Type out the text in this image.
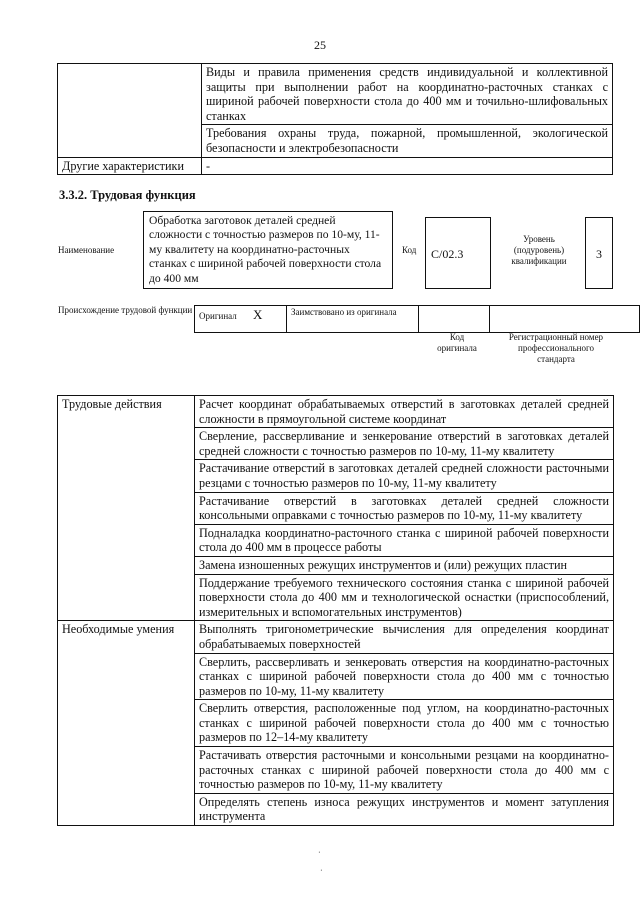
25
	Виды и правила применения средств индивидуальной и коллективной защиты при выполнении работ на координатно-расточных станках с шириной рабочей поверхности стола до 400 мм и точильно-шлифовальных станках
	Требования охраны труда, пожарной, промышленной, экологической безопасности и электробезопасности
Другие характеристики	-
3.3.2. Трудовая функция
Наименование
Обработка заготовок деталей средней сложности с точностью размеров по 10-му, 11-му квалитету на координатно-расточных станках с шириной рабочей поверхности стола до 400 мм
Код С/02.3
Уровень (подуровень) квалификации	3
Происхождение трудовой функции
Оригинал X	Заимствовано из оригинала		
Код оригинала
Регистрационный номер профессионального стандарта
Трудовые действия	Расчет координат обрабатываемых отверстий в заготовках деталей средней сложности в прямоугольной системе координат
	Сверление, рассверливание и зенкерование отверстий в заготовках деталей средней сложности с точностью размеров по 10-му, 11-му квалитету
	Растачивание отверстий в заготовках деталей средней сложности расточными резцами с точностью размеров по 10-му, 11-му квалитету
	Растачивание отверстий в заготовках деталей средней сложности консольными оправками с точностью размеров по 10-му, 11-му квалитету
	Подналадка координатно-расточного станка с шириной рабочей поверхности стола до 400 мм в процессе работы
	Замена изношенных режущих инструментов и (или) режущих пластин
	Поддержание требуемого технического состояния станка с шириной рабочей поверхности стола до 400 мм и технологической оснастки (приспособлений, измерительных и вспомогательных инструментов)
Необходимые умения	Выполнять тригонометрические вычисления для определения координат обрабатываемых поверхностей
	Сверлить, рассверливать и зенкеровать отверстия на координатно-расточных станках с шириной рабочей поверхности стола до 400 мм с точностью размеров по 10-му, 11-му квалитету
	Сверлить отверстия, расположенные под углом, на координатно-расточных станках с шириной рабочей поверхности стола до 400 мм с точностью размеров по 12–14-му квалитету
	Растачивать отверстия расточными и консольными резцами на координатно-расточных станках с шириной рабочей поверхности стола до 400 мм с точностью размеров по 10-му, 11-му квалитету
	Определять степень износа режущих инструментов и момент затупления инструмента
⋅
⋅
